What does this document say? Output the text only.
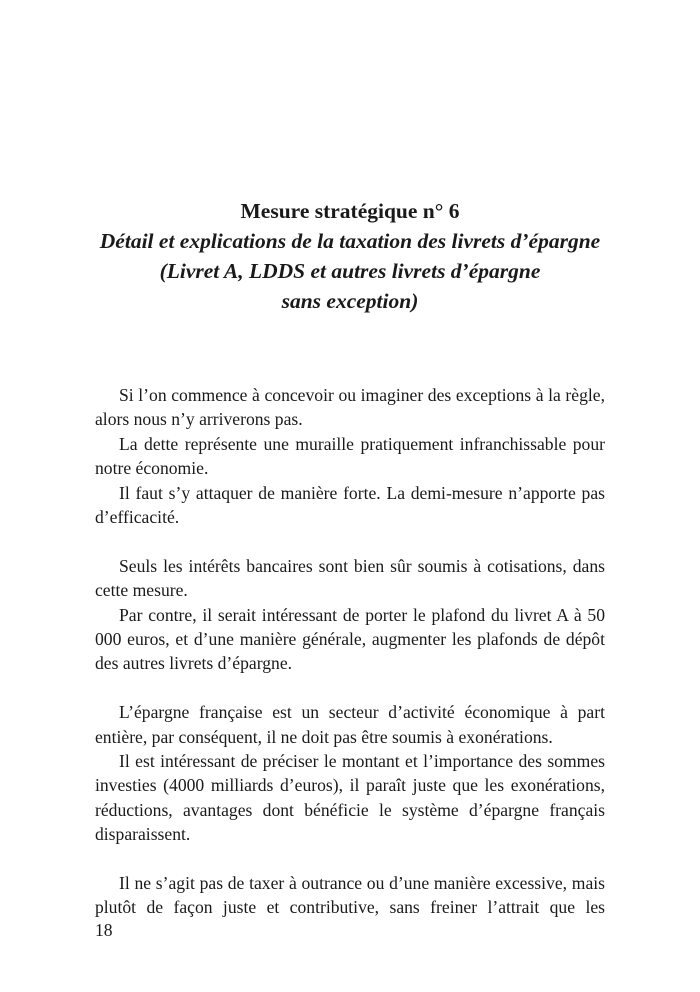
Mesure stratégique n° 6
Détail et explications de la taxation des livrets d’épargne
(Livret A, LDDS et autres livrets d’épargne
sans exception)

Si l’on commence à concevoir ou imaginer des exceptions à la règle, alors nous n’y arriverons pas.

La dette représente une muraille pratiquement infranchissable pour notre économie.

Il faut s’y attaquer de manière forte. La demi-mesure n’apporte pas d’efficacité.

Seuls les intérêts bancaires sont bien sûr soumis à cotisations, dans cette mesure.

Par contre, il serait intéressant de porter le plafond du livret A à 50 000 euros, et d’une manière générale, augmenter les plafonds de dépôt des autres livrets d’épargne.

L’épargne française est un secteur d’activité économique à part entière, par conséquent, il ne doit pas être soumis à exonérations.

Il est intéressant de préciser le montant et l’importance des sommes investies (4000 milliards d’euros), il paraît juste que les exonérations, réductions, avantages dont bénéficie le système d’épargne français disparaissent.

Il ne s’agit pas de taxer à outrance ou d’une manière excessive, mais plutôt de façon juste et contributive, sans freiner l’attrait que les

18
